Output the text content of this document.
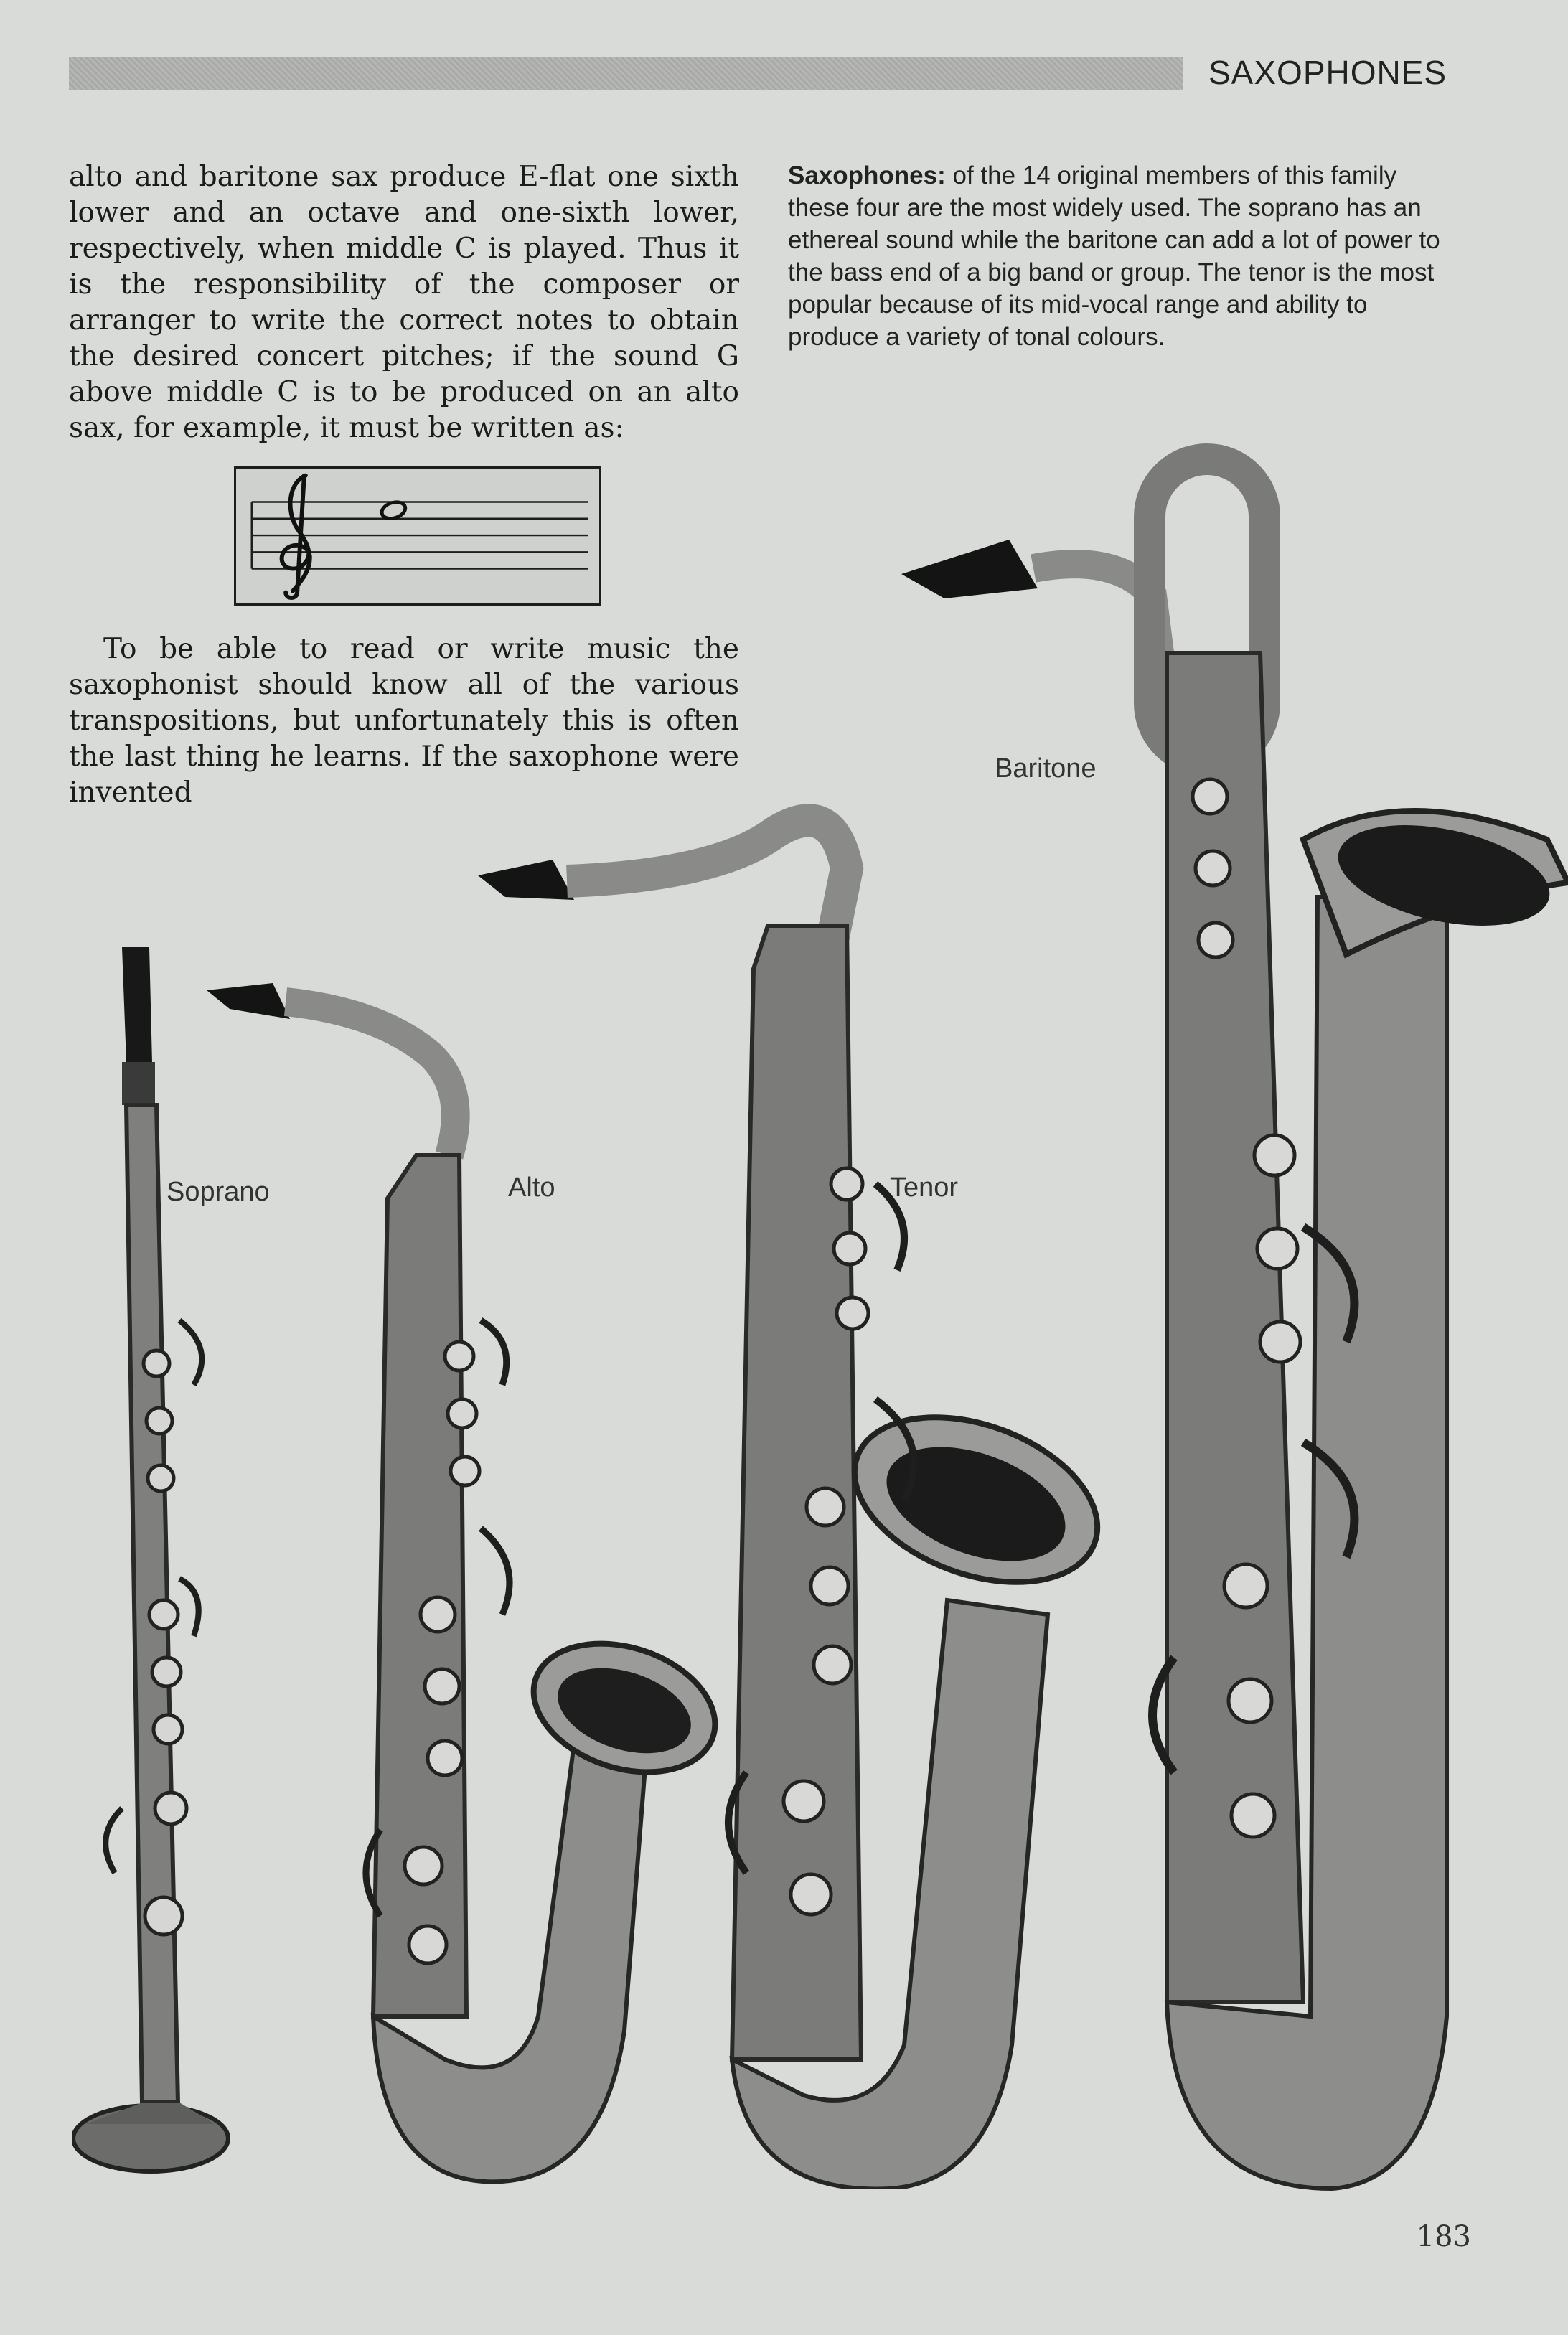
SAXOPHONES
alto and baritone sax produce E-flat one sixth lower and an octave and one-sixth lower, respectively, when middle C is played. Thus it is the responsibility of the composer or arranger to write the correct notes to obtain the desired concert pitches; if the sound G above middle C is to be produced on an alto sax, for example, it must be written as:
To be able to read or write music the saxophonist should know all of the various transpositions, but unfortunately this is often the last thing he learns. If the saxophone were invented
Saxophones: of the 14 original members of this family these four are the most widely used. The soprano has an ethereal sound while the baritone can add a lot of power to the bass end of a big band or group. The tenor is the most popular because of its mid-vocal range and ability to produce a variety of tonal colours.
Baritone
Soprano	Alto	Tenor
183
